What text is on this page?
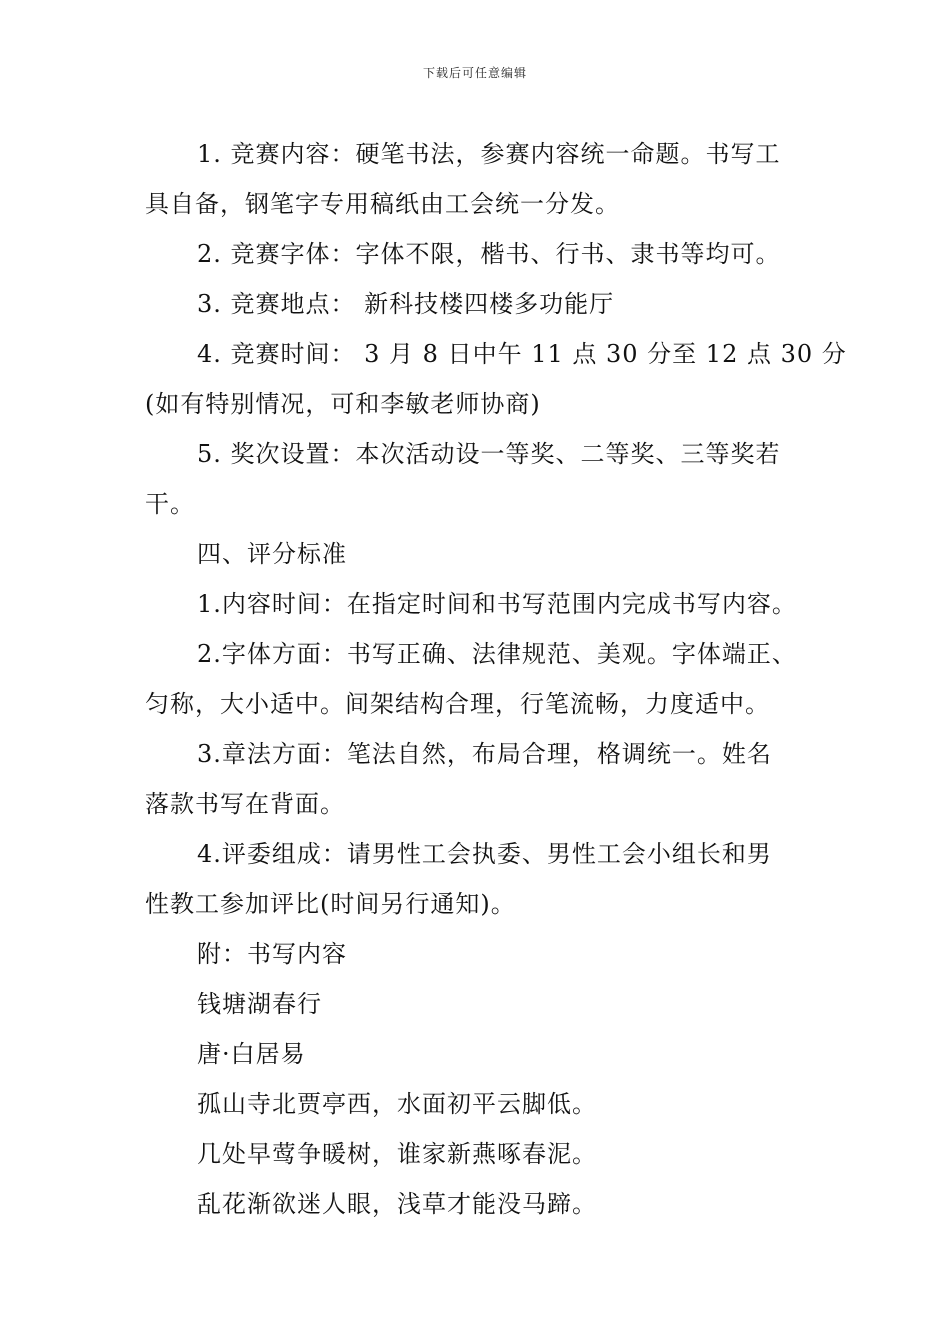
下载后可任意编辑

1. 竞赛内容：硬笔书法，参赛内容统一命题。书写工

具自备，钢笔字专用稿纸由工会统一分发。

2. 竞赛字体：字体不限，楷书、行书、隶书等均可。

3. 竞赛地点： 新科技楼四楼多功能厅

4. 竞赛时间： 3 月 8 日中午 11 点 30 分至 12 点 30 分

(如有特别情况，可和李敏老师协商)

5. 奖次设置：本次活动设一等奖、二等奖、三等奖若

干。

四、评分标准

1.内容时间：在指定时间和书写范围内完成书写内容。

2.字体方面：书写正确、法律规范、美观。字体端正、

匀称，大小适中。间架结构合理，行笔流畅，力度适中。

3.章法方面：笔法自然，布局合理，格调统一。姓名

落款书写在背面。

4.评委组成：请男性工会执委、男性工会小组长和男

性教工参加评比(时间另行通知)。

附：书写内容

钱塘湖春行

唐·白居易

孤山寺北贾亭西，水面初平云脚低。

几处早莺争暖树，谁家新燕啄春泥。

乱花渐欲迷人眼，浅草才能没马蹄。
